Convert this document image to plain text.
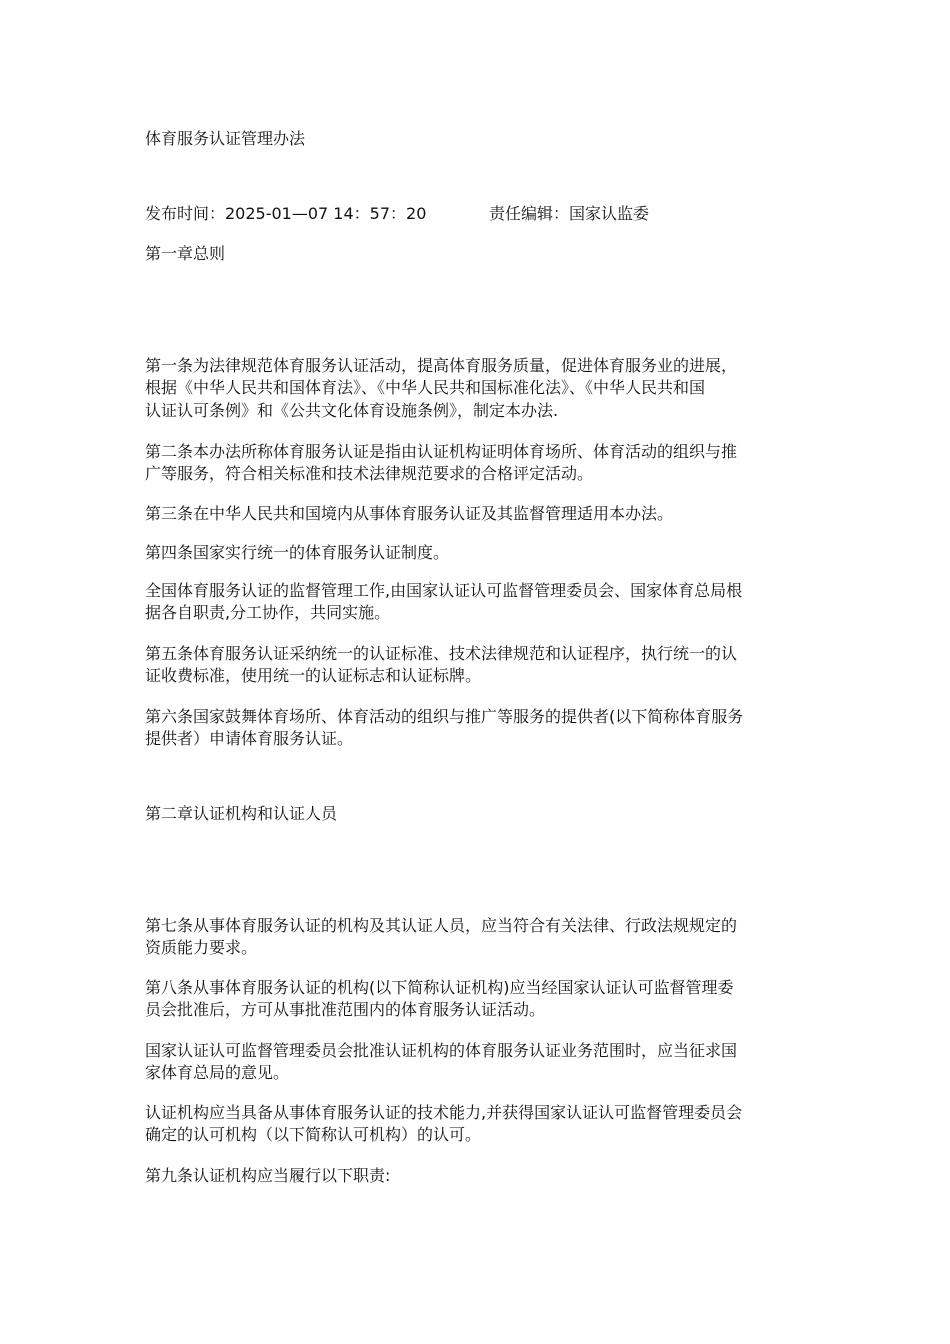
体育服务认证管理办法
发布时间：2025-01—07 14：57：20	责任编辑：国家认监委
第一章总则
第一条为法律规范体育服务认证活动，提高体育服务质量，促进体育服务业的进展，
根据《中华人民共和国体育法》、《中华人民共和国标准化法》、《中华人民共和国
认证认可条例》和《公共文化体育设施条例》，制定本办法.
第二条本办法所称体育服务认证是指由认证机构证明体育场所、体育活动的组织与推
广等服务，符合相关标准和技术法律规范要求的合格评定活动。
第三条在中华人民共和国境内从事体育服务认证及其监督管理适用本办法。
第四条国家实行统一的体育服务认证制度。
全国体育服务认证的监督管理工作,由国家认证认可监督管理委员会、国家体育总局根
据各自职责,分工协作，共同实施。
第五条体育服务认证采纳统一的认证标准、技术法律规范和认证程序，执行统一的认
证收费标准，使用统一的认证标志和认证标牌。
第六条国家鼓舞体育场所、体育活动的组织与推广等服务的提供者(以下简称体育服务
提供者）申请体育服务认证。
第二章认证机构和认证人员
第七条从事体育服务认证的机构及其认证人员，应当符合有关法律、行政法规规定的
资质能力要求。
第八条从事体育服务认证的机构(以下简称认证机构)应当经国家认证认可监督管理委
员会批准后，方可从事批准范围内的体育服务认证活动。
国家认证认可监督管理委员会批准认证机构的体育服务认证业务范围时，应当征求国
家体育总局的意见。
认证机构应当具备从事体育服务认证的技术能力,并获得国家认证认可监督管理委员会
确定的认可机构（以下简称认可机构）的认可。
第九条认证机构应当履行以下职责:
